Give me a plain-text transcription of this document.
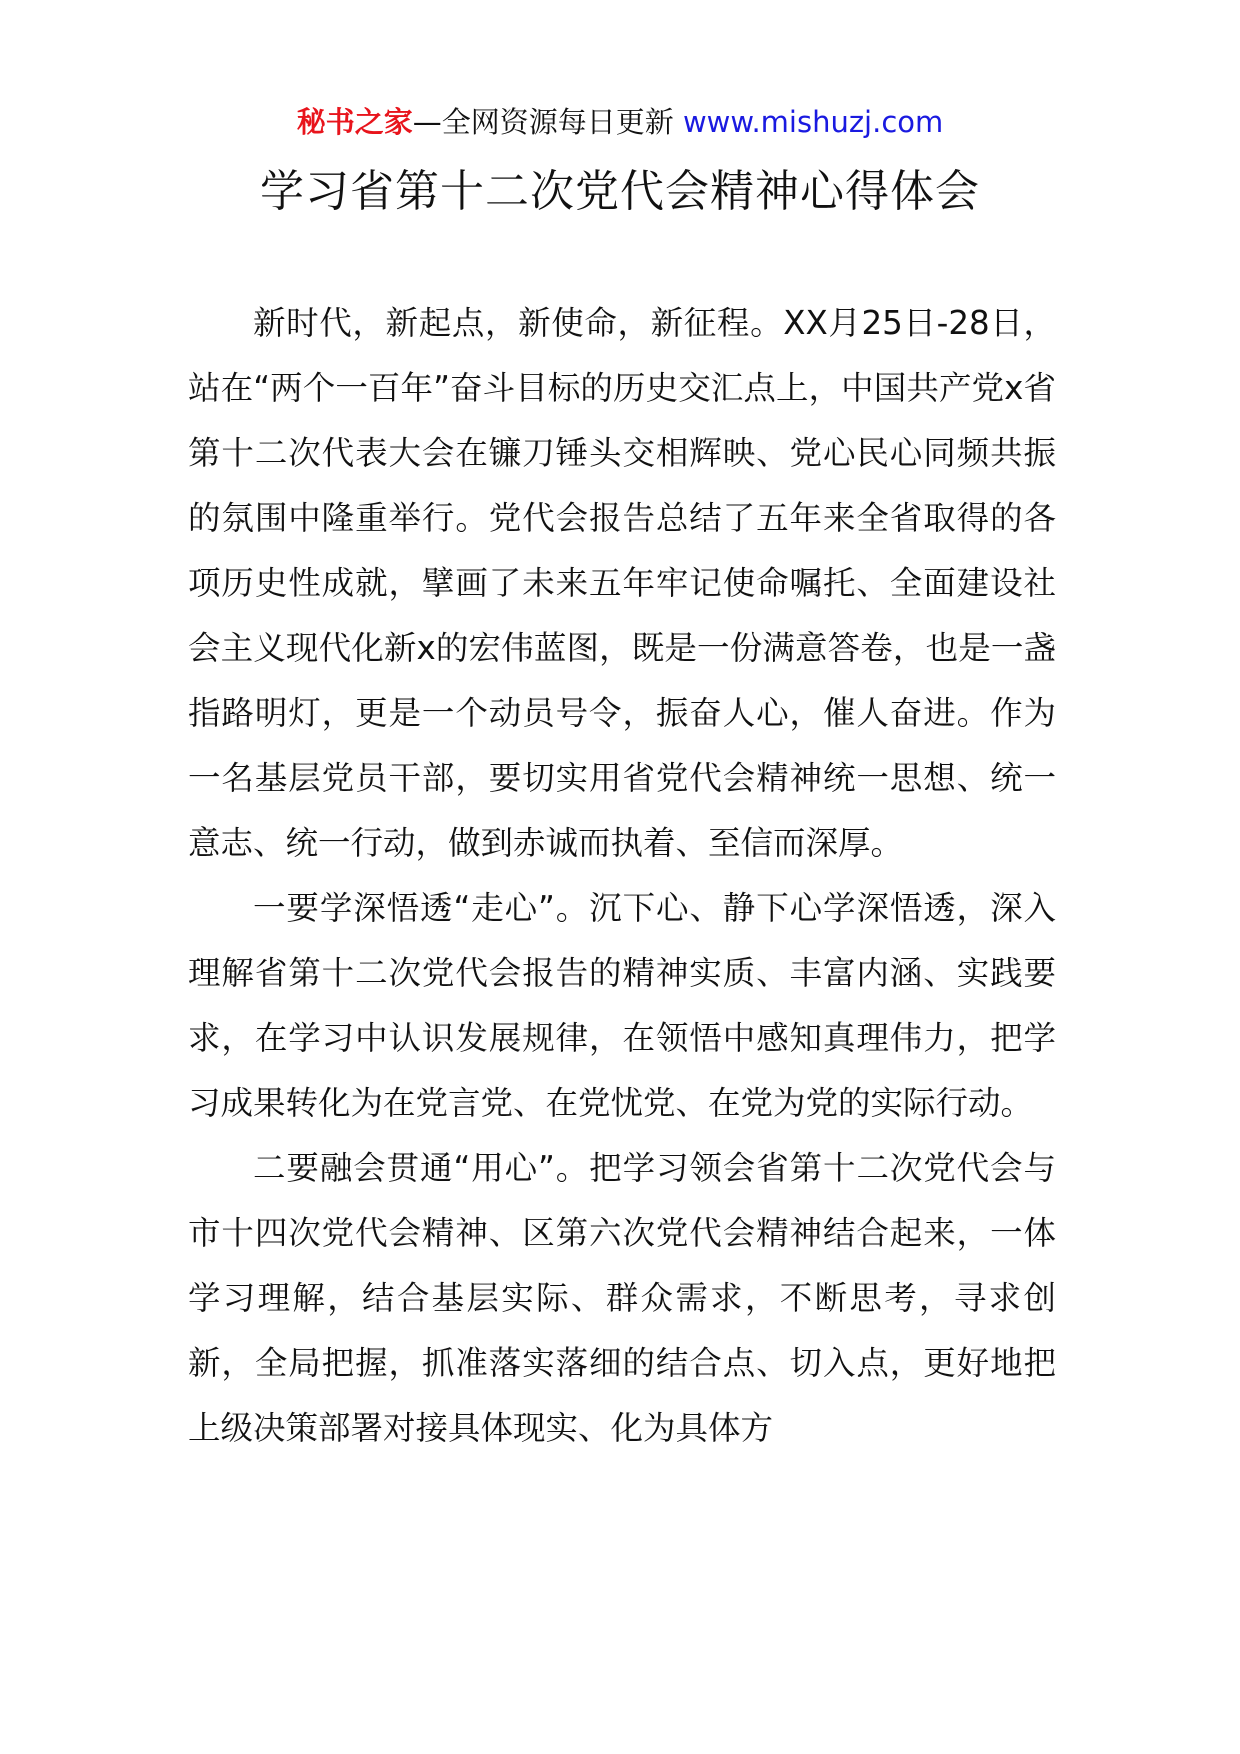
秘书之家—全网资源每日更新 www.mishuzj.com
学习省第十二次党代会精神心得体会

新时代，新起点，新使命，新征程。XX月25日-28日，站在“两个一百年”奋斗目标的历史交汇点上，中国共产党x省第十二次代表大会在镰刀锤头交相辉映、党心民心同频共振的氛围中隆重举行。党代会报告总结了五年来全省取得的各项历史性成就，擘画了未来五年牢记使命嘱托、全面建设社会主义现代化新x的宏伟蓝图，既是一份满意答卷，也是一盏指路明灯，更是一个动员号令，振奋人心，催人奋进。作为一名基层党员干部，要切实用省党代会精神统一思想、统一意志、统一行动，做到赤诚而执着、至信而深厚。

一要学深悟透“走心”。沉下心、静下心学深悟透，深入理解省第十二次党代会报告的精神实质、丰富内涵、实践要求，在学习中认识发展规律，在领悟中感知真理伟力，把学习成果转化为在党言党、在党忧党、在党为党的实际行动。

二要融会贯通“用心”。把学习领会省第十二次党代会与市十四次党代会精神、区第六次党代会精神结合起来，一体学习理解，结合基层实际、群众需求，不断思考，寻求创新，全局把握，抓准落实落细的结合点、切入点，更好地把上级决策部署对接具体现实、化为具体方
